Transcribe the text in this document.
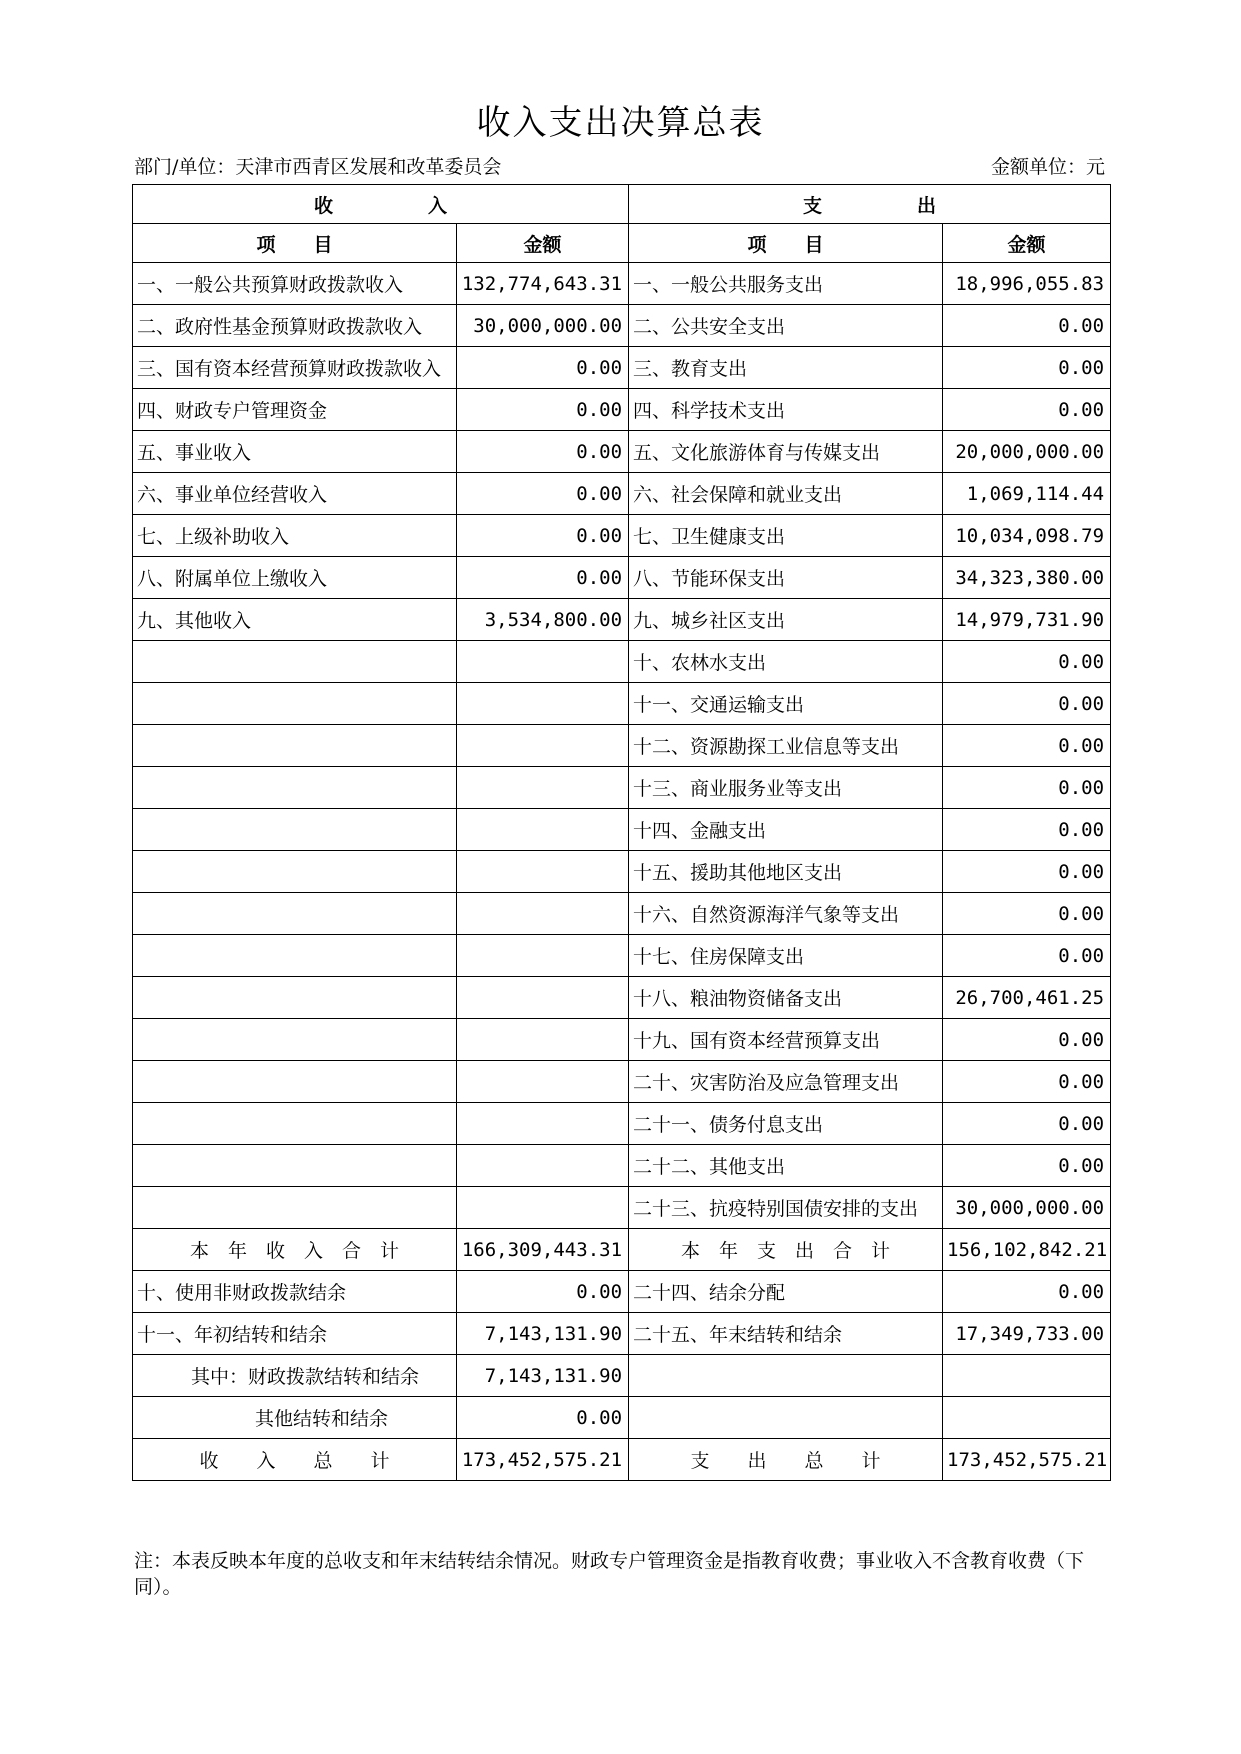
收入支出决算总表
部门/单位：天津市西青区发展和改革委员会	金额单位：元
收　　　　　入		支　　　　　出	
项　　目	金额	项　　目	金额
一、一般公共预算财政拨款收入	132,774,643.31	一、一般公共服务支出	18,996,055.83
二、政府性基金预算财政拨款收入	30,000,000.00	二、公共安全支出	0.00
三、国有资本经营预算财政拨款收入	0.00	三、教育支出	0.00
四、财政专户管理资金	0.00	四、科学技术支出	0.00
五、事业收入	0.00	五、文化旅游体育与传媒支出	20,000,000.00
六、事业单位经营收入	0.00	六、社会保障和就业支出	1,069,114.44
七、上级补助收入	0.00	七、卫生健康支出	10,034,098.79
八、附属单位上缴收入	0.00	八、节能环保支出	34,323,380.00
九、其他收入	3,534,800.00	九、城乡社区支出	14,979,731.90
		十、农林水支出	0.00
		十一、交通运输支出	0.00
		十二、资源勘探工业信息等支出	0.00
		十三、商业服务业等支出	0.00
		十四、金融支出	0.00
		十五、援助其他地区支出	0.00
		十六、自然资源海洋气象等支出	0.00
		十七、住房保障支出	0.00
		十八、粮油物资储备支出	26,700,461.25
		十九、国有资本经营预算支出	0.00
		二十、灾害防治及应急管理支出	0.00
		二十一、债务付息支出	0.00
		二十二、其他支出	0.00
		二十三、抗疫特别国债安排的支出	30,000,000.00
本　年　收　入　合　计	166,309,443.31	本　年　支　出　合　计	156,102,842.21
十、使用非财政拨款结余	0.00	二十四、结余分配	0.00
十一、年初结转和结余	7,143,131.90	二十五、年末结转和结余	17,349,733.00
其中：财政拨款结转和结余	7,143,131.90		
其他结转和结余	0.00		
收　　入　　总　　计	173,452,575.21	支　　出　　总　　计	173,452,575.21
注：本表反映本年度的总收支和年末结转结余情况。财政专户管理资金是指教育收费；事业收入不含教育收费（下同）。
